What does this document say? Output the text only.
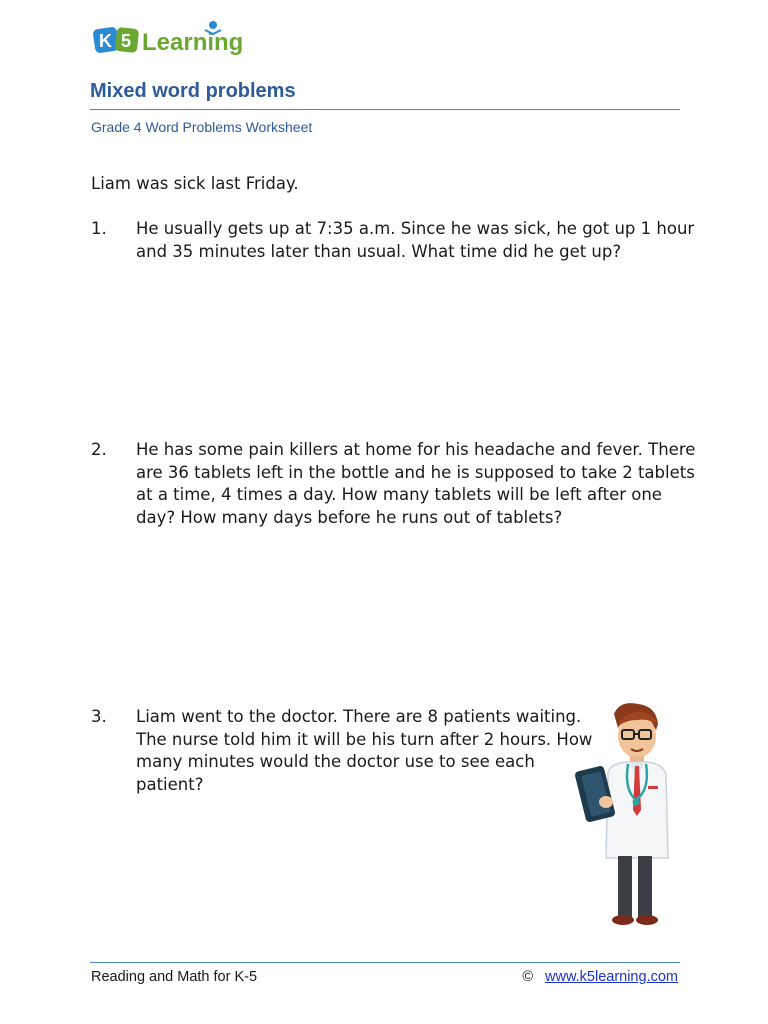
K 5 Learning
Mixed word problems
Grade 4 Word Problems Worksheet
Liam was sick last Friday.
1. He usually gets up at 7:35 a.m. Since he was sick, he got up 1 hour and 35 minutes later than usual. What time did he get up?
2. He has some pain killers at home for his headache and fever. There are 36 tablets left in the bottle and he is supposed to take 2 tablets at a time, 4 times a day. How many tablets will be left after one day? How many days before he runs out of tablets?
3. Liam went to the doctor. There are 8 patients waiting. The nurse told him it will be his turn after 2 hours. How many minutes would the doctor use to see each patient?
Reading and Math for K-5	© www.k5learning.com
